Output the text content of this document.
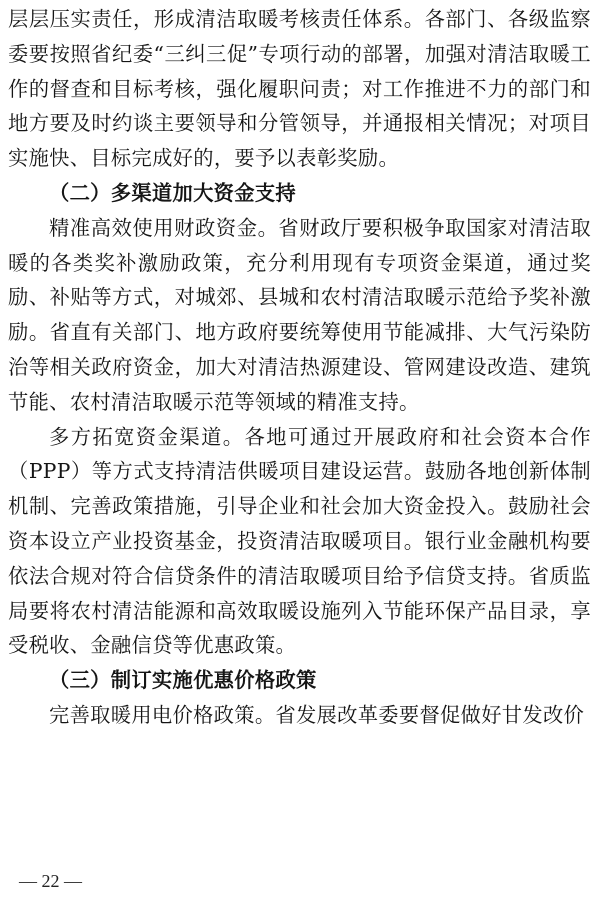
层层压实责任，形成清洁取暖考核责任体系。各部门、各级监察委要按照省纪委“三纠三促”专项行动的部署，加强对清洁取暖工作的督查和目标考核，强化履职问责；对工作推进不力的部门和地方要及时约谈主要领导和分管领导，并通报相关情况；对项目实施快、目标完成好的，要予以表彰奖励。

（二）多渠道加大资金支持

精准高效使用财政资金。省财政厅要积极争取国家对清洁取暖的各类奖补激励政策，充分利用现有专项资金渠道，通过奖励、补贴等方式，对城郊、县城和农村清洁取暖示范给予奖补激励。省直有关部门、地方政府要统筹使用节能减排、大气污染防治等相关政府资金，加大对清洁热源建设、管网建设改造、建筑节能、农村清洁取暖示范等领域的精准支持。

多方拓宽资金渠道。各地可通过开展政府和社会资本合作（PPP）等方式支持清洁供暖项目建设运营。鼓励各地创新体制机制、完善政策措施，引导企业和社会加大资金投入。鼓励社会资本设立产业投资基金，投资清洁取暖项目。银行业金融机构要依法合规对符合信贷条件的清洁取暖项目给予信贷支持。省质监局要将农村清洁能源和高效取暖设施列入节能环保产品目录，享受税收、金融信贷等优惠政策。

（三）制订实施优惠价格政策

完善取暖用电价格政策。省发展改革委要督促做好甘发改价

— 22 —
